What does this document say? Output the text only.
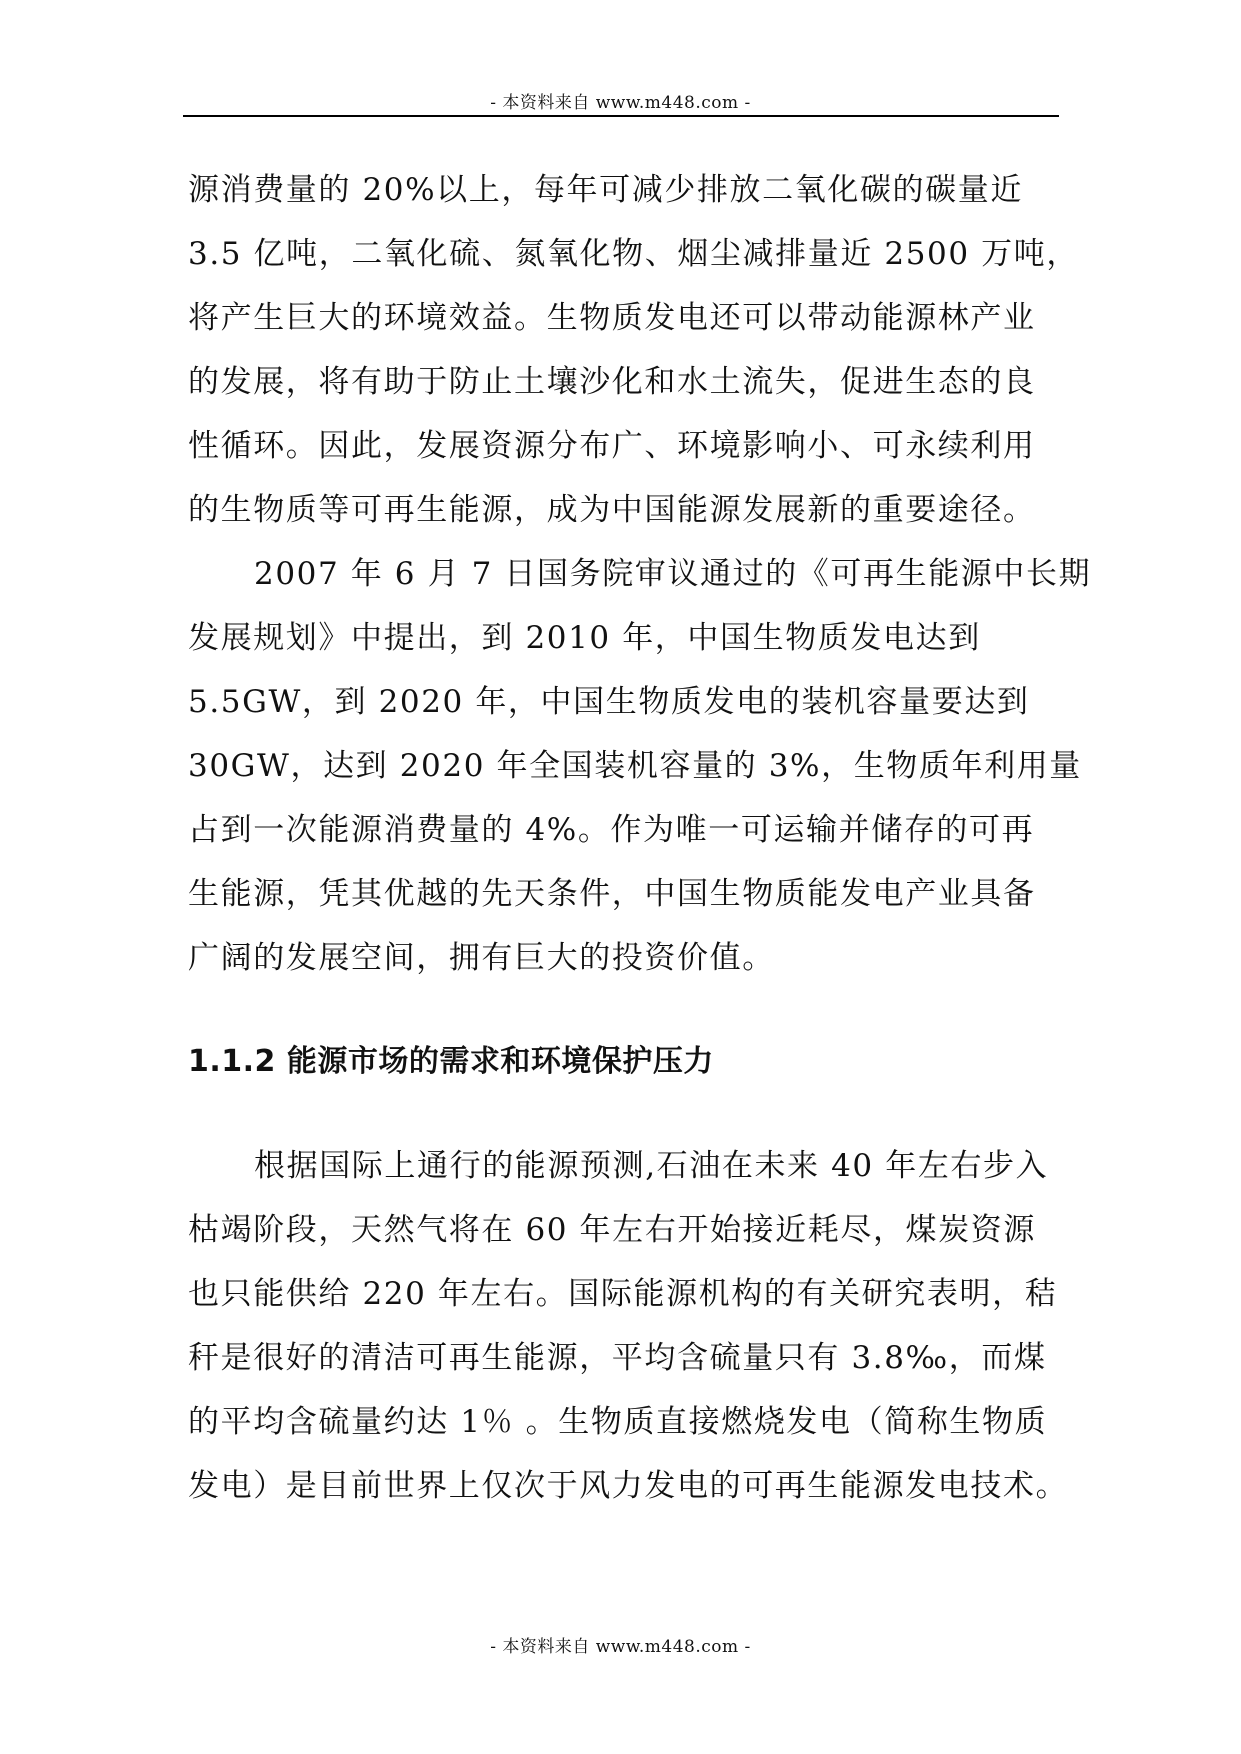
- 本资料来自 www.m448.com -
源消费量的 20%以上，每年可减少排放二氧化碳的碳量近
3.5 亿吨，二氧化硫、氮氧化物、烟尘减排量近 2500 万吨，
将产生巨大的环境效益。生物质发电还可以带动能源林产业
的发展，将有助于防止土壤沙化和水土流失，促进生态的良
性循环。因此，发展资源分布广、环境影响小、可永续利用
的生物质等可再生能源，成为中国能源发展新的重要途径。
2007 年 6 月 7 日国务院审议通过的《可再生能源中长期
发展规划》中提出，到 2010 年，中国生物质发电达到
5.5GW，到 2020 年，中国生物质发电的装机容量要达到
30GW，达到 2020 年全国装机容量的 3%，生物质年利用量
占到一次能源消费量的 4%。作为唯一可运输并储存的可再
生能源，凭其优越的先天条件，中国生物质能发电产业具备
广阔的发展空间，拥有巨大的投资价值。
1.1.2 能源市场的需求和环境保护压力
根据国际上通行的能源预测,石油在未来 40 年左右步入
枯竭阶段，天然气将在 60 年左右开始接近耗尽，煤炭资源
也只能供给 220 年左右。国际能源机构的有关研究表明，秸
秆是很好的清洁可再生能源，平均含硫量只有 3.8‰，而煤
的平均含硫量约达 1％ 。生物质直接燃烧发电（简称生物质
发电）是目前世界上仅次于风力发电的可再生能源发电技术。
- 本资料来自 www.m448.com -
